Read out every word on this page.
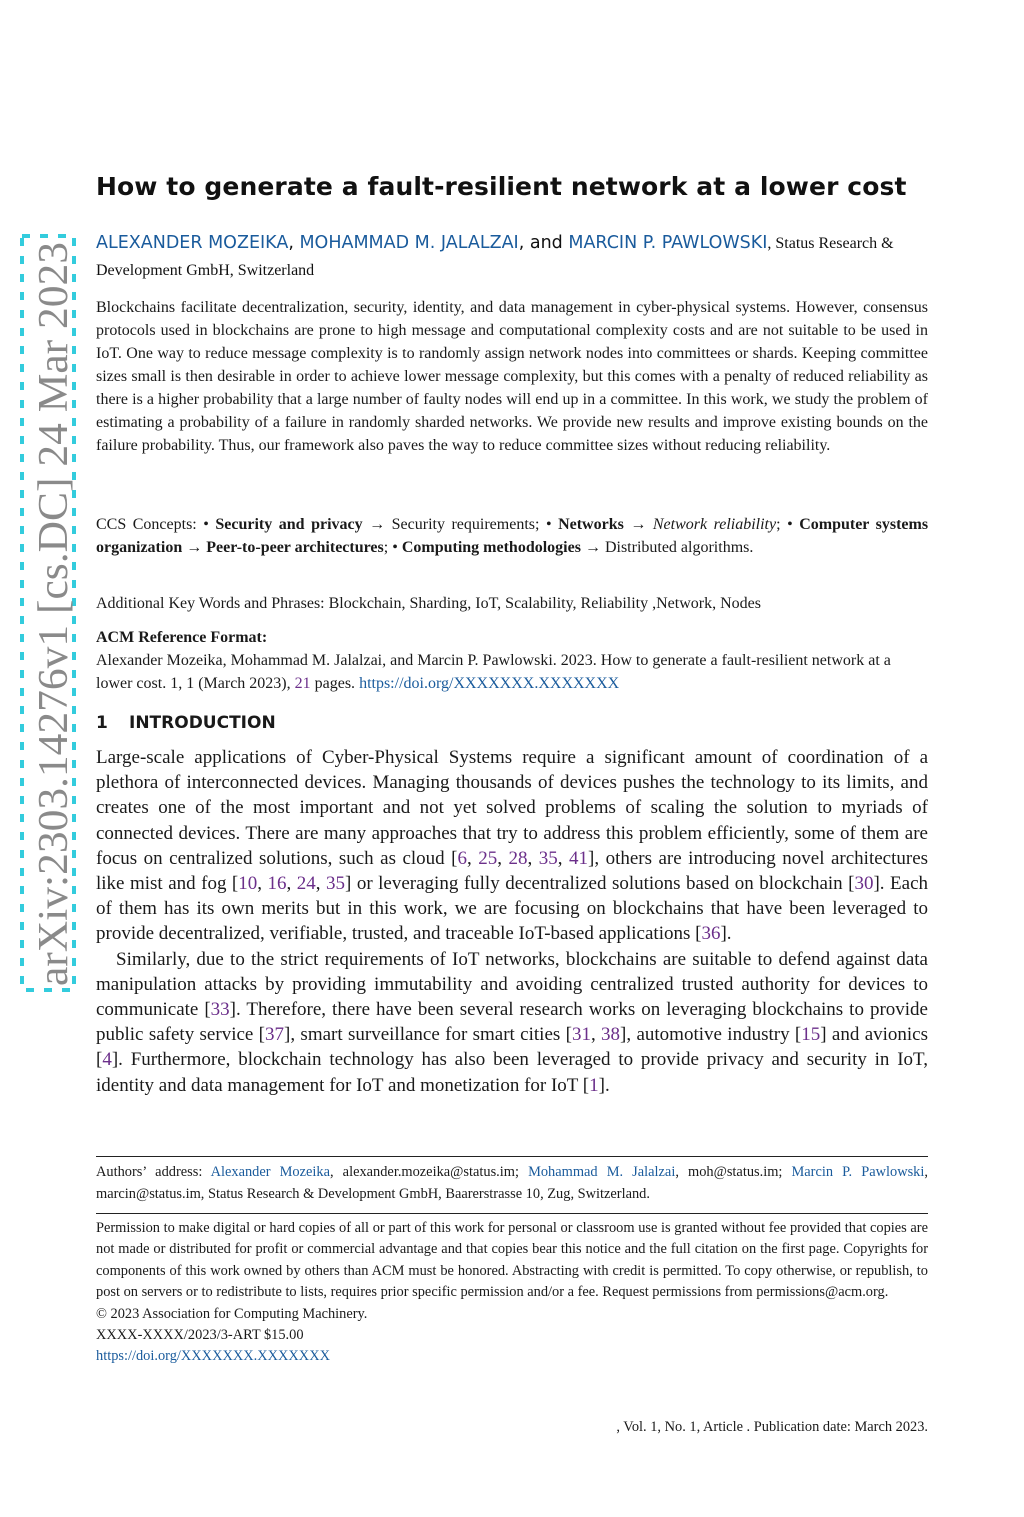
arXiv:2303.14276v1 [cs.DC] 24 Mar 2023
How to generate a fault-resilient network at a lower cost
ALEXANDER MOZEIKA, MOHAMMAD M. JALALZAI, and MARCIN P. PAWLOWSKI, Status Research & Development GmbH, Switzerland
Blockchains facilitate decentralization, security, identity, and data management in cyber-physical systems. However, consensus protocols used in blockchains are prone to high message and computational complexity costs and are not suitable to be used in IoT. One way to reduce message complexity is to randomly assign network nodes into committees or shards. Keeping committee sizes small is then desirable in order to achieve lower message complexity, but this comes with a penalty of reduced reliability as there is a higher probability that a large number of faulty nodes will end up in a committee. In this work, we study the problem of estimating a probability of a failure in randomly sharded networks. We provide new results and improve existing bounds on the failure probability. Thus, our framework also paves the way to reduce committee sizes without reducing reliability.
CCS Concepts: • Security and privacy → Security requirements; • Networks → Network reliability; • Computer systems organization → Peer-to-peer architectures; • Computing methodologies → Distributed algorithms.
Additional Key Words and Phrases: Blockchain, Sharding, IoT, Scalability, Reliability ,Network, Nodes
ACM Reference Format:
Alexander Mozeika, Mohammad M. Jalalzai, and Marcin P. Pawlowski. 2023. How to generate a fault-resilient network at a lower cost. 1, 1 (March 2023), 21 pages. https://doi.org/XXXXXXX.XXXXXXX
1 INTRODUCTION

Large-scale applications of Cyber-Physical Systems require a significant amount of coordination of a plethora of interconnected devices. Managing thousands of devices pushes the technology to its limits, and creates one of the most important and not yet solved problems of scaling the solution to myriads of connected devices. There are many approaches that try to address this problem efficiently, some of them are focus on centralized solutions, such as cloud [6, 25, 28, 35, 41], others are introducing novel architectures like mist and fog [10, 16, 24, 35] or leveraging fully decentralized solutions based on blockchain [30]. Each of them has its own merits but in this work, we are focusing on blockchains that have been leveraged to provide decentralized, verifiable, trusted, and traceable IoT-based applications [36].

Similarly, due to the strict requirements of IoT networks, blockchains are suitable to defend against data manipulation attacks by providing immutability and avoiding centralized trusted authority for devices to communicate [33]. Therefore, there have been several research works on leveraging blockchains to provide public safety service [37], smart surveillance for smart cities [31, 38], automotive industry [15] and avionics [4]. Furthermore, blockchain technology has also been leveraged to provide privacy and security in IoT, identity and data management for IoT and monetization for IoT [1].

Authors’ address: Alexander Mozeika, alexander.mozeika@status.im; Mohammad M. Jalalzai, moh@status.im; Marcin P. Pawlowski, marcin@status.im, Status Research & Development GmbH, Baarerstrasse 10, Zug, Switzerland.
Permission to make digital or hard copies of all or part of this work for personal or classroom use is granted without fee provided that copies are not made or distributed for profit or commercial advantage and that copies bear this notice and the full citation on the first page. Copyrights for components of this work owned by others than ACM must be honored. Abstracting with credit is permitted. To copy otherwise, or republish, to post on servers or to redistribute to lists, requires prior specific permission and/or a fee. Request permissions from permissions@acm.org.
© 2023 Association for Computing Machinery.
XXXX-XXXX/2023/3-ART $15.00
https://doi.org/XXXXXXX.XXXXXXX
, Vol. 1, No. 1, Article . Publication date: March 2023.
